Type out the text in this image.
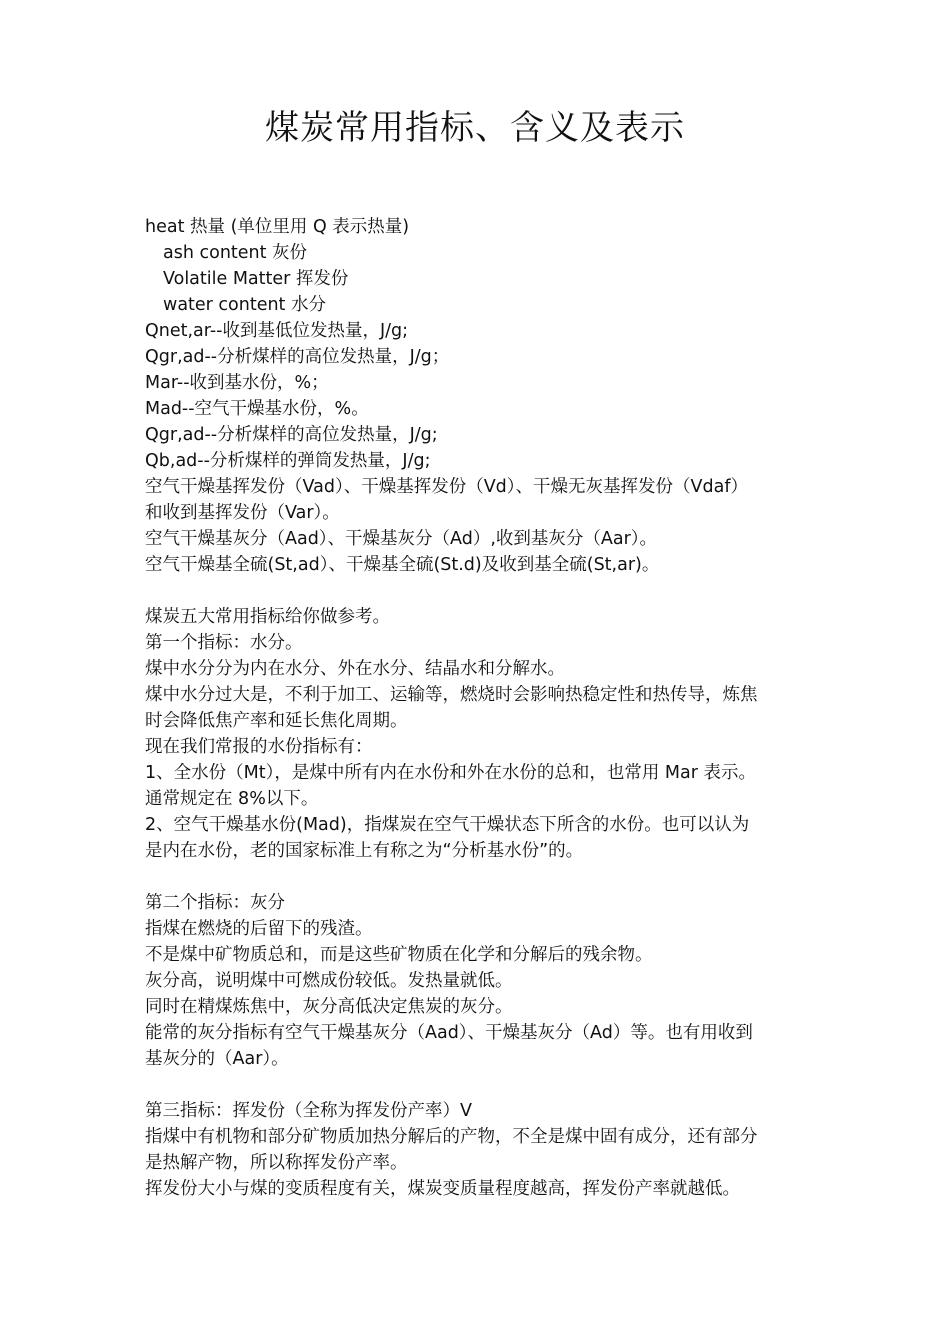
煤炭常用指标、含义及表示
heat 热量 (单位里用 Q 表示热量)
ash content 灰份
Volatile Matter 挥发份
water content 水分
Qnet,ar--收到基低位发热量，J/g;
Qgr,ad--分析煤样的高位发热量，J/g；
Mar--收到基水份，%；
Mad--空气干燥基水份，%。
Qgr,ad--分析煤样的高位发热量，J/g;
Qb,ad--分析煤样的弹筒发热量，J/g;
空气干燥基挥发份（Vad）、干燥基挥发份（Vd）、干燥无灰基挥发份（Vdaf）
和收到基挥发份（Var）。
空气干燥基灰分（Aad）、干燥基灰分（Ad）,收到基灰分（Aar）。
空气干燥基全硫(St,ad）、干燥基全硫(St.d)及收到基全硫(St,ar)。
煤炭五大常用指标给你做参考。
第一个指标：水分。
煤中水分分为内在水分、外在水分、结晶水和分解水。
煤中水分过大是，不利于加工、运输等，燃烧时会影响热稳定性和热传导，炼焦
时会降低焦产率和延长焦化周期。
现在我们常报的水份指标有：
1、全水份（Mt），是煤中所有内在水份和外在水份的总和，也常用 Mar 表示。
通常规定在 8%以下。
2、空气干燥基水份(Mad)，指煤炭在空气干燥状态下所含的水份。也可以认为
是内在水份，老的国家标准上有称之为“分析基水份”的。
第二个指标：灰分
指煤在燃烧的后留下的残渣。
不是煤中矿物质总和，而是这些矿物质在化学和分解后的残余物。
灰分高，说明煤中可燃成份较低。发热量就低。
同时在精煤炼焦中，灰分高低决定焦炭的灰分。
能常的灰分指标有空气干燥基灰分（Aad）、干燥基灰分（Ad）等。也有用收到
基灰分的（Aar）。
第三指标：挥发份（全称为挥发份产率）V
指煤中有机物和部分矿物质加热分解后的产物，不全是煤中固有成分，还有部分
是热解产物，所以称挥发份产率。
挥发份大小与煤的变质程度有关，煤炭变质量程度越高，挥发份产率就越低。
